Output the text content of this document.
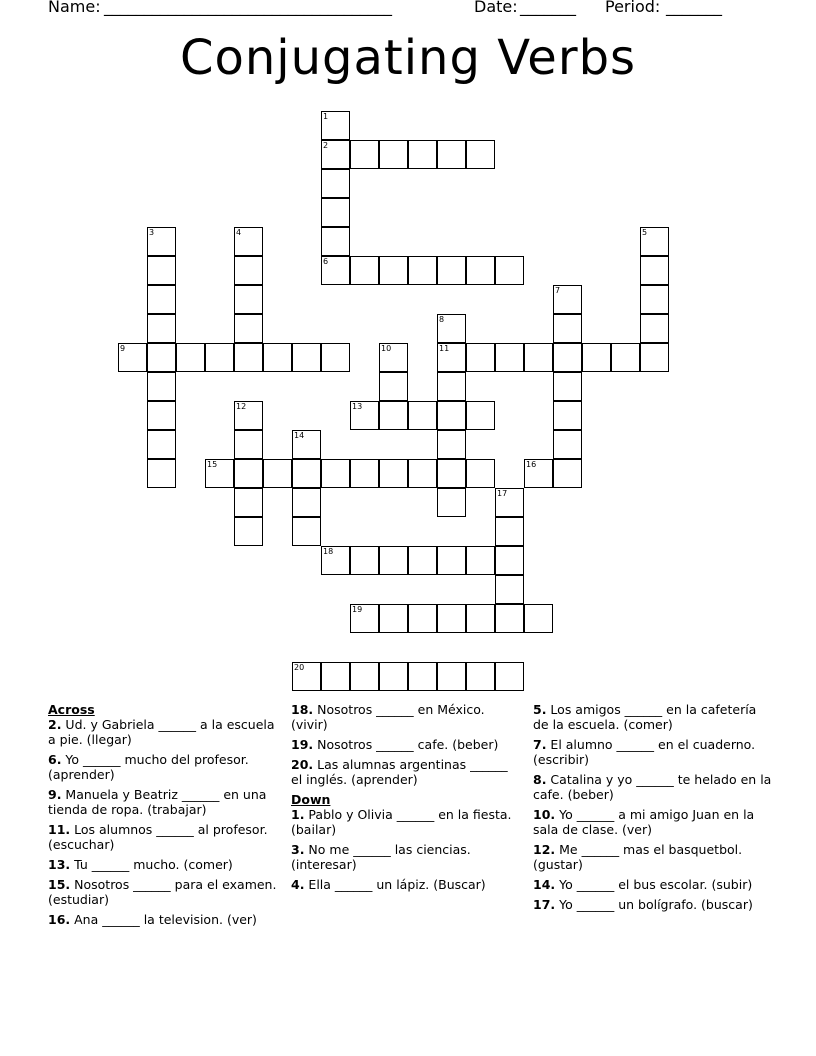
Name: ____________________________________	Date: _______ Period: _______
Conjugating Verbs
1
2
3	4	5
6
7
8
9	10	11
12	13
14
15	16
17
18
19
20
Across
2. Ud. y Gabriela ______ a la escuela a pie. (llegar)
6. Yo ______ mucho del profesor. (aprender)
9. Manuela y Beatriz ______ en una tienda de ropa. (trabajar)
11. Los alumnos ______ al profesor. (escuchar)
13. Tu ______ mucho. (comer)
15. Nosotros ______ para el examen. (estudiar)
16. Ana ______ la television. (ver)
18. Nosotros ______ en México. (vivir)
19. Nosotros ______ cafe. (beber)
20. Las alumnas argentinas ______ el inglés. (aprender)
Down
1. Pablo y Olivia ______ en la fiesta. (bailar)
3. No me ______ las ciencias. (interesar)
4. Ella ______ un lápiz. (Buscar)
5. Los amigos ______ en la cafetería de la escuela. (comer)
7. El alumno ______ en el cuaderno. (escribir)
8. Catalina y yo ______ te helado en la cafe. (beber)
10. Yo ______ a mi amigo Juan en la sala de clase. (ver)
12. Me ______ mas el basquetbol. (gustar)
14. Yo ______ el bus escolar. (subir)
17. Yo ______ un bolígrafo. (buscar)
